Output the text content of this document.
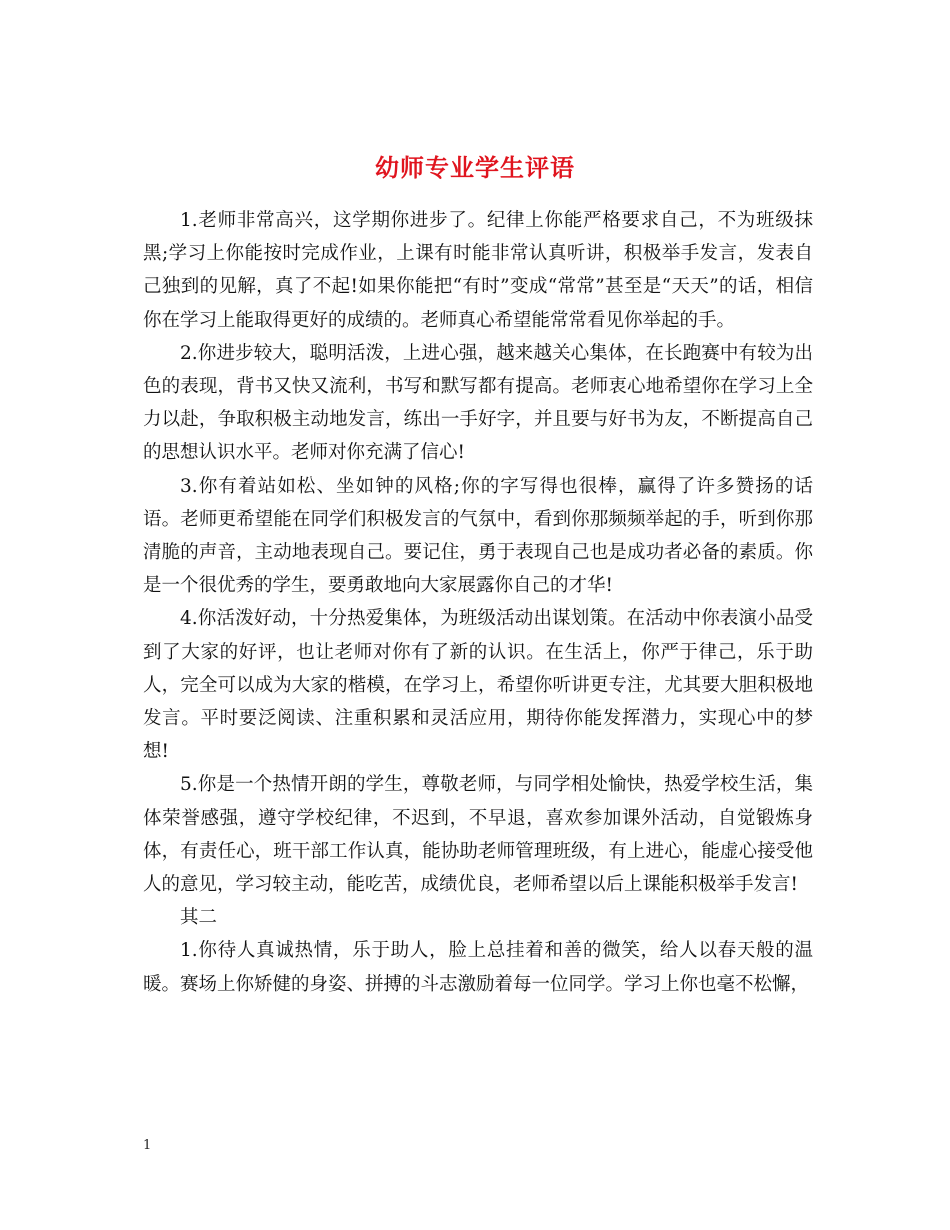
幼师专业学生评语

1.老师非常高兴，这学期你进步了。纪律上你能严格要求自己，不为班级抹黑;学习上你能按时完成作业，上课有时能非常认真听讲，积极举手发言，发表自己独到的见解，真了不起!如果你能把“有时”变成“常常”甚至是“天天”的话，相信你在学习上能取得更好的成绩的。老师真心希望能常常看见你举起的手。

2.你进步较大，聪明活泼，上进心强，越来越关心集体，在长跑赛中有较为出色的表现，背书又快又流利，书写和默写都有提高。老师衷心地希望你在学习上全力以赴，争取积极主动地发言，练出一手好字，并且要与好书为友，不断提高自己的思想认识水平。老师对你充满了信心!

3.你有着站如松、坐如钟的风格;你的字写得也很棒，赢得了许多赞扬的话语。老师更希望能在同学们积极发言的气氛中，看到你那频频举起的手，听到你那清脆的声音，主动地表现自己。要记住，勇于表现自己也是成功者必备的素质。你是一个很优秀的学生，要勇敢地向大家展露你自己的才华!

4.你活泼好动，十分热爱集体，为班级活动出谋划策。在活动中你表演小品受到了大家的好评，也让老师对你有了新的认识。在生活上，你严于律己，乐于助人，完全可以成为大家的楷模，在学习上，希望你听讲更专注，尤其要大胆积极地发言。平时要泛阅读、注重积累和灵活应用，期待你能发挥潜力，实现心中的梦想!

5.你是一个热情开朗的学生，尊敬老师，与同学相处愉快，热爱学校生活，集体荣誉感强，遵守学校纪律，不迟到，不早退，喜欢参加课外活动，自觉锻炼身体，有责任心，班干部工作认真，能协助老师管理班级，有上进心，能虚心接受他人的意见，学习较主动，能吃苦，成绩优良，老师希望以后上课能积极举手发言!

其二

1.你待人真诚热情，乐于助人，脸上总挂着和善的微笑，给人以春天般的温暖。赛场上你矫健的身姿、拼搏的斗志激励着每一位同学。学习上你也毫不松懈，

1
